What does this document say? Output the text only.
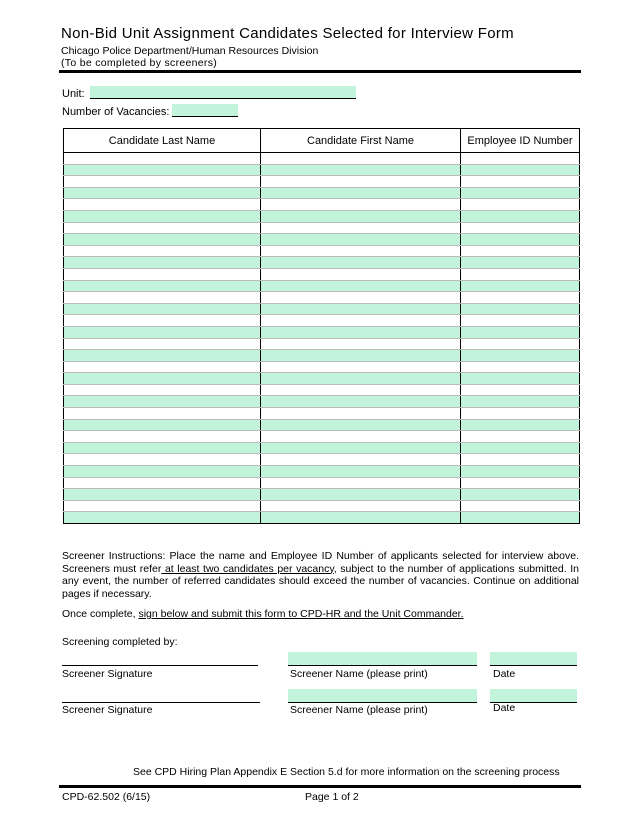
Non-Bid Unit Assignment Candidates Selected for Interview Form
Chicago Police Department/Human Resources Division
(To be completed by screeners)
Unit:
Number of Vacancies:
Candidate Last Name	Candidate First Name	Employee ID Number

Screener Instructions: Place the name and Employee ID Number of applicants selected for interview above. Screeners must refer at least two candidates per vacancy, subject to the number of applications submitted. In any event, the number of referred candidates should exceed the number of vacancies. Continue on additional pages if necessary.
Once complete, sign below and submit this form to CPD-HR and the Unit Commander.
Screening completed by:
Screener Signature	Screener Name (please print)	Date
Screener Signature	Screener Name (please print)	Date
See CPD Hiring Plan Appendix E Section 5.d for more information on the screening process
CPD-62.502 (6/15)	Page 1 of 2
